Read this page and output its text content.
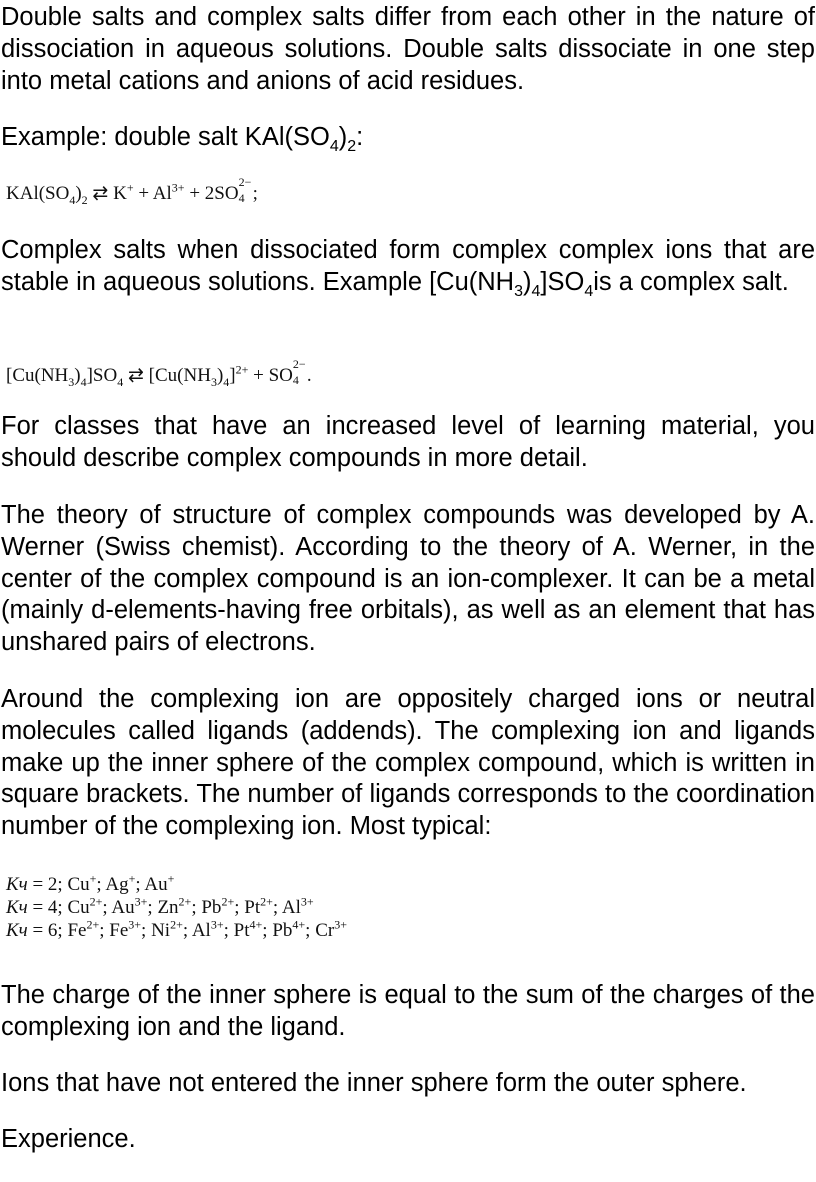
Double salts and complex salts differ from each other in the nature of dissociation in aqueous solutions. Double salts dissociate in one step into metal cations and anions of acid residues.

Example: double salt $KAl(SO_4)_2$:

$KAl(SO_4)_2$ ⇄ $K^+ + Al^{3+} + 2SO$
2−
4 ;

Complex salts when dissociated form complex complex ions that are stable in aqueous solutions. Example $[Cu(NH_3)_4]SO_4is$ a complex salt.

$[Cu(NH_3)_4]SO_4$ ⇄ $[Cu(NH_3)_4]^{2+}$ + SO
2−
4 .

For classes that have an increased level of learning material, you should describe complex compounds in more detail.

The theory of structure of complex compounds was developed by A. Werner (Swiss chemist). According to the theory of A. Werner, in the center of the complex compound is an ion-complexer. It can be a metal (mainly d-elements-having free orbitals), as well as an element that has unshared pairs of electrons.

Around the complexing ion are oppositely charged ions or neutral molecules called ligands (addends). The complexing ion and ligands make up the inner sphere of the complex compound, which is written in square brackets. The number of ligands corresponds to the coordination number of the complexing ion. Most typical:

Кч = 2; Cu+; Ag+; Au+

Кч = 4; $Cu^{2+}$; $Au^{3+}$; $Zn^{2+}$; $Pb^{2+}$; $Pt^{2+}$; $Al^{3+}$

Кч = 6; $Fe^{2+}$; $Fe^{3+}$; $Ni^{2+}$; $Al^{3+}$; $Pt^{4+}$; $Pb^{4+}$; $Cr^{3+}$

The charge of the inner sphere is equal to the sum of the charges of the complexing ion and the ligand.

Ions that have not entered the inner sphere form the outer sphere.

Experience.
